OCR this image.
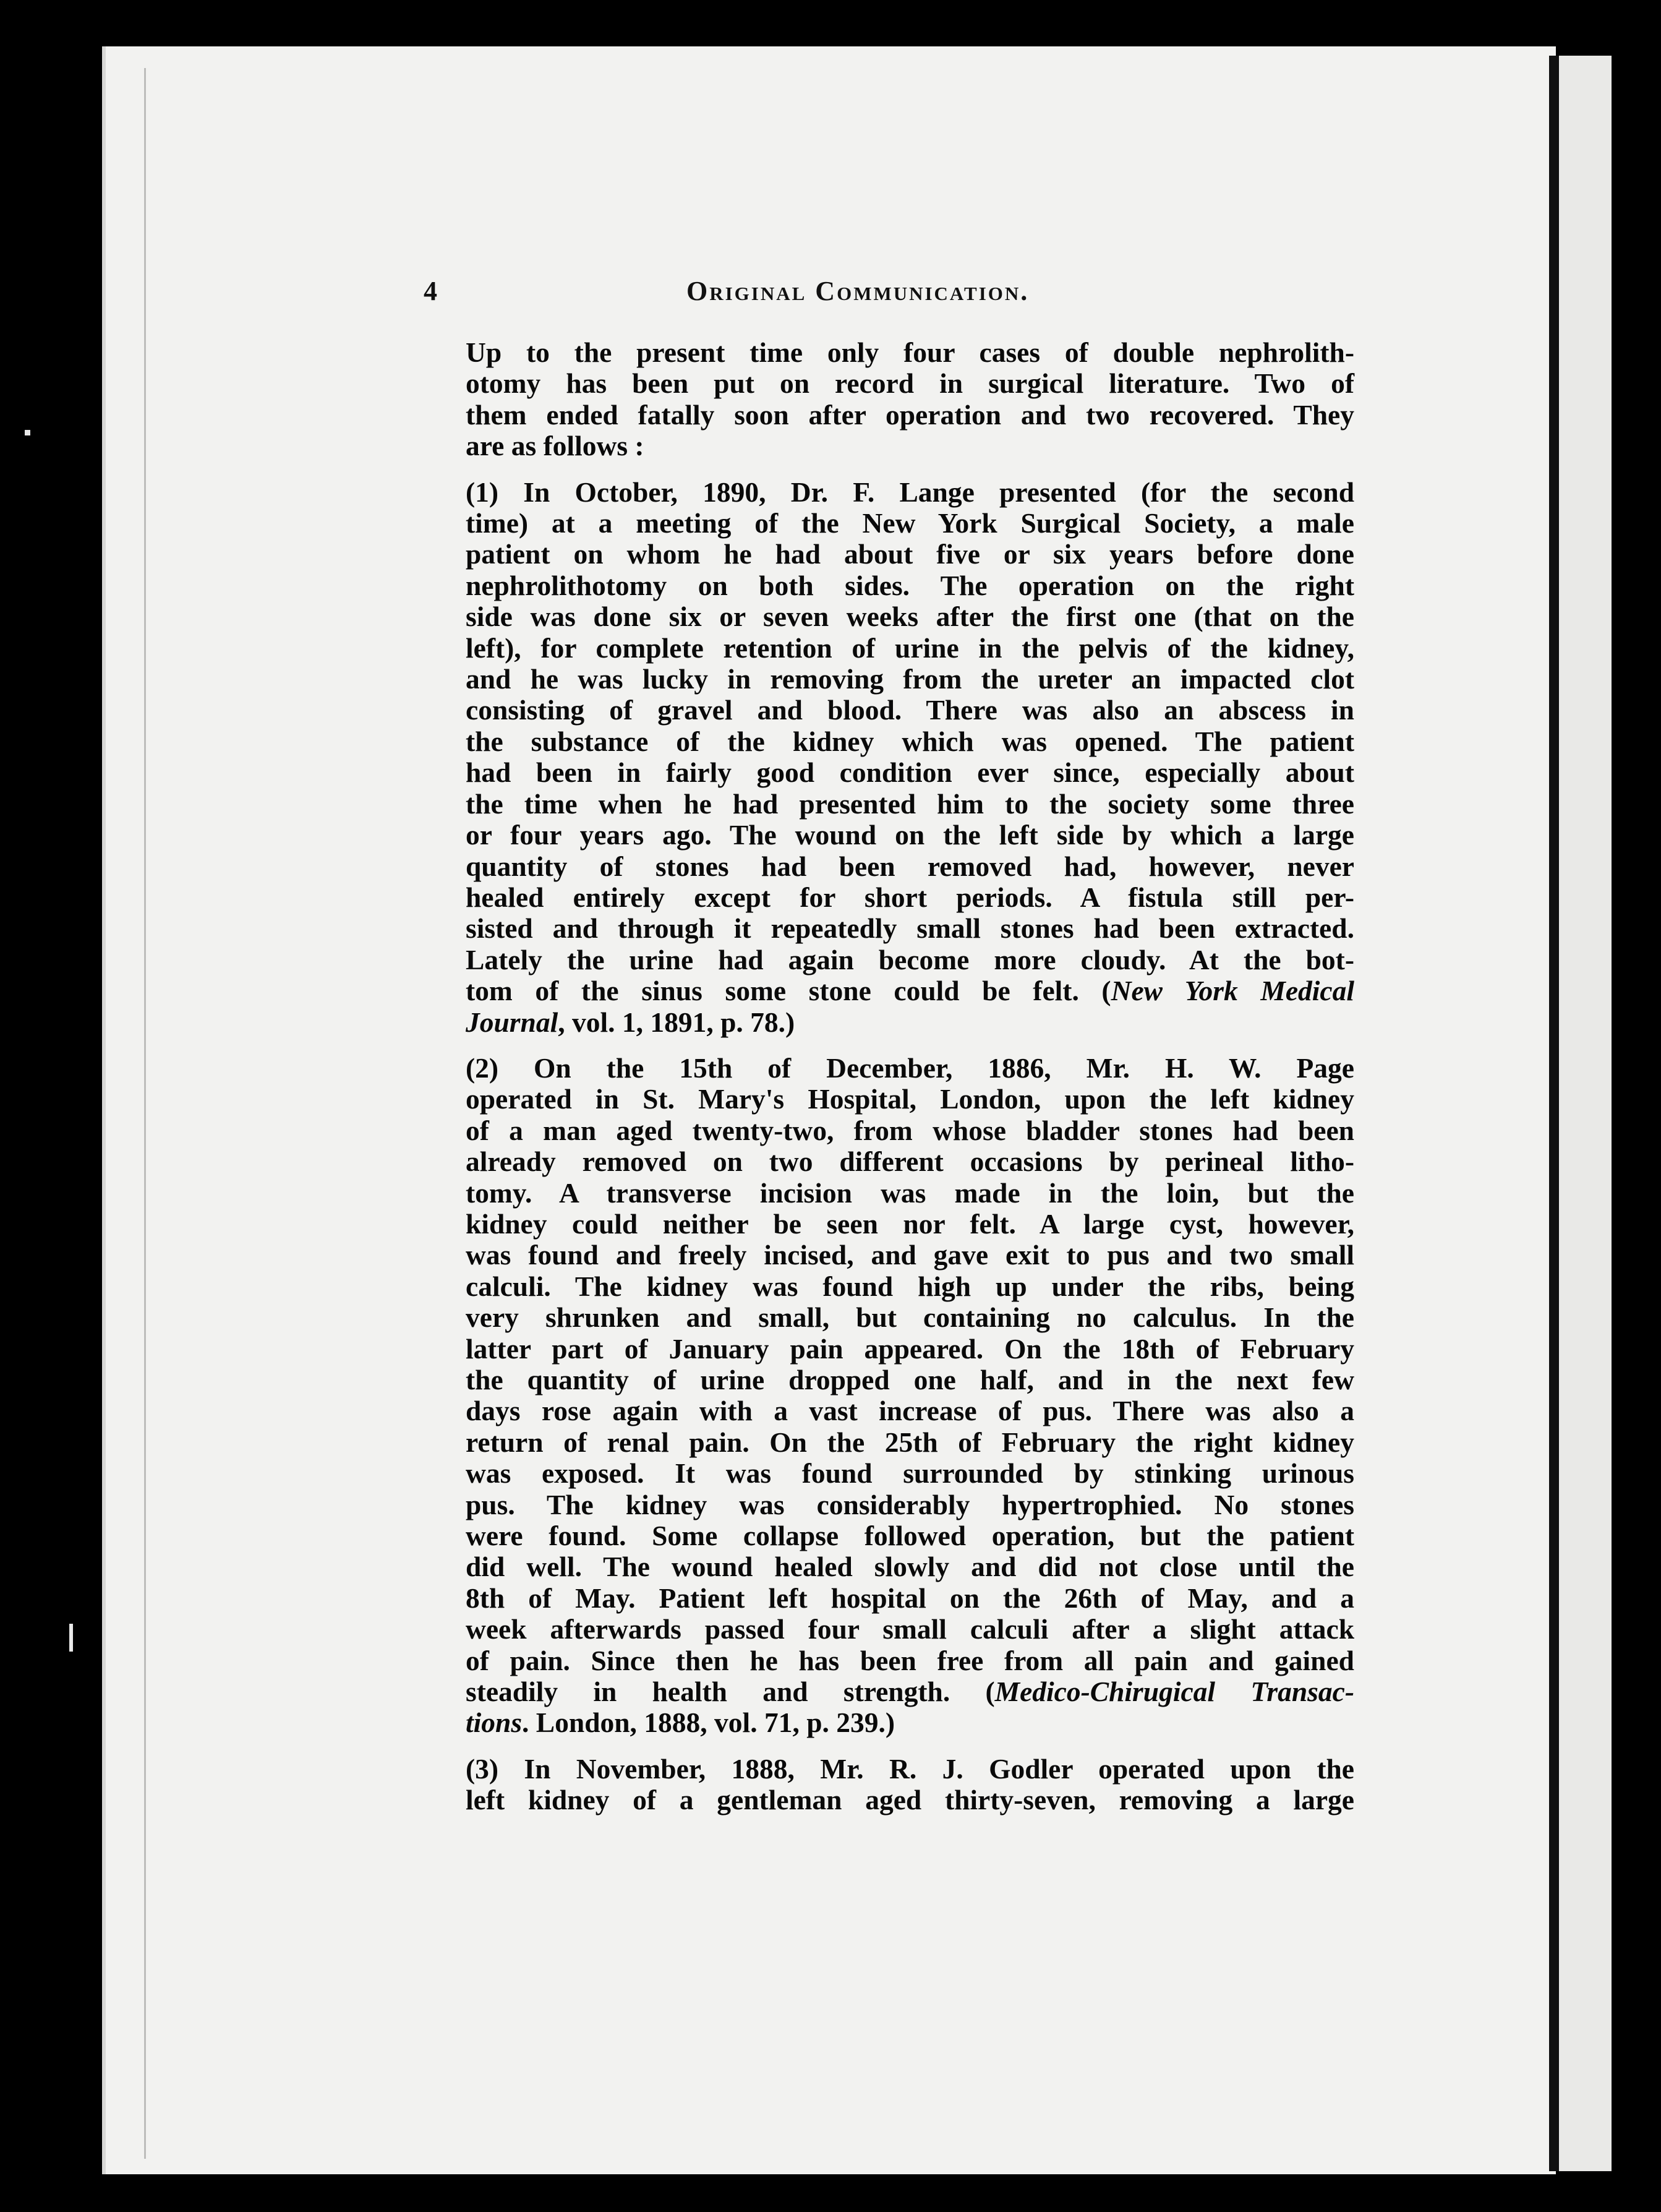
4	Original Communication.

Up to the present time only four cases of double nephrolith-
otomy has been put on record in surgical literature. Two of
them ended fatally soon after operation and two recovered. They
are as follows :

(1) In October, 1890, Dr. F. Lange presented (for the second
time) at a meeting of the New York Surgical Society, a male
patient on whom he had about five or six years before done
nephrolithotomy on both sides. The operation on the right
side was done six or seven weeks after the first one (that on the
left), for complete retention of urine in the pelvis of the kidney,
and he was lucky in removing from the ureter an impacted clot
consisting of gravel and blood. There was also an abscess in
the substance of the kidney which was opened. The patient
had been in fairly good condition ever since, especially about
the time when he had presented him to the society some three
or four years ago. The wound on the left side by which a large
quantity of stones had been removed had, however, never
healed entirely except for short periods. A fistula still per-
sisted and through it repeatedly small stones had been extracted.
Lately the urine had again become more cloudy. At the bot-
tom of the sinus some stone could be felt. (New York Medical
Journal, vol. 1, 1891, p. 78.)

(2) On the 15th of December, 1886, Mr. H. W. Page
operated in St. Mary's Hospital, London, upon the left kidney
of a man aged twenty-two, from whose bladder stones had been
already removed on two different occasions by perineal litho-
tomy. A transverse incision was made in the loin, but the
kidney could neither be seen nor felt. A large cyst, however,
was found and freely incised, and gave exit to pus and two small
calculi. The kidney was found high up under the ribs, being
very shrunken and small, but containing no calculus. In the
latter part of January pain appeared. On the 18th of February
the quantity of urine dropped one half, and in the next few
days rose again with a vast increase of pus. There was also a
return of renal pain. On the 25th of February the right kidney
was exposed. It was found surrounded by stinking urinous
pus. The kidney was considerably hypertrophied. No stones
were found. Some collapse followed operation, but the patient
did well. The wound healed slowly and did not close until the
8th of May. Patient left hospital on the 26th of May, and a
week afterwards passed four small calculi after a slight attack
of pain. Since then he has been free from all pain and gained
steadily in health and strength. (Medico-Chirugical Transac-
tions. London, 1888, vol. 71, p. 239.)

(3) In November, 1888, Mr. R. J. Godler operated upon the
left kidney of a gentleman aged thirty-seven, removing a large
